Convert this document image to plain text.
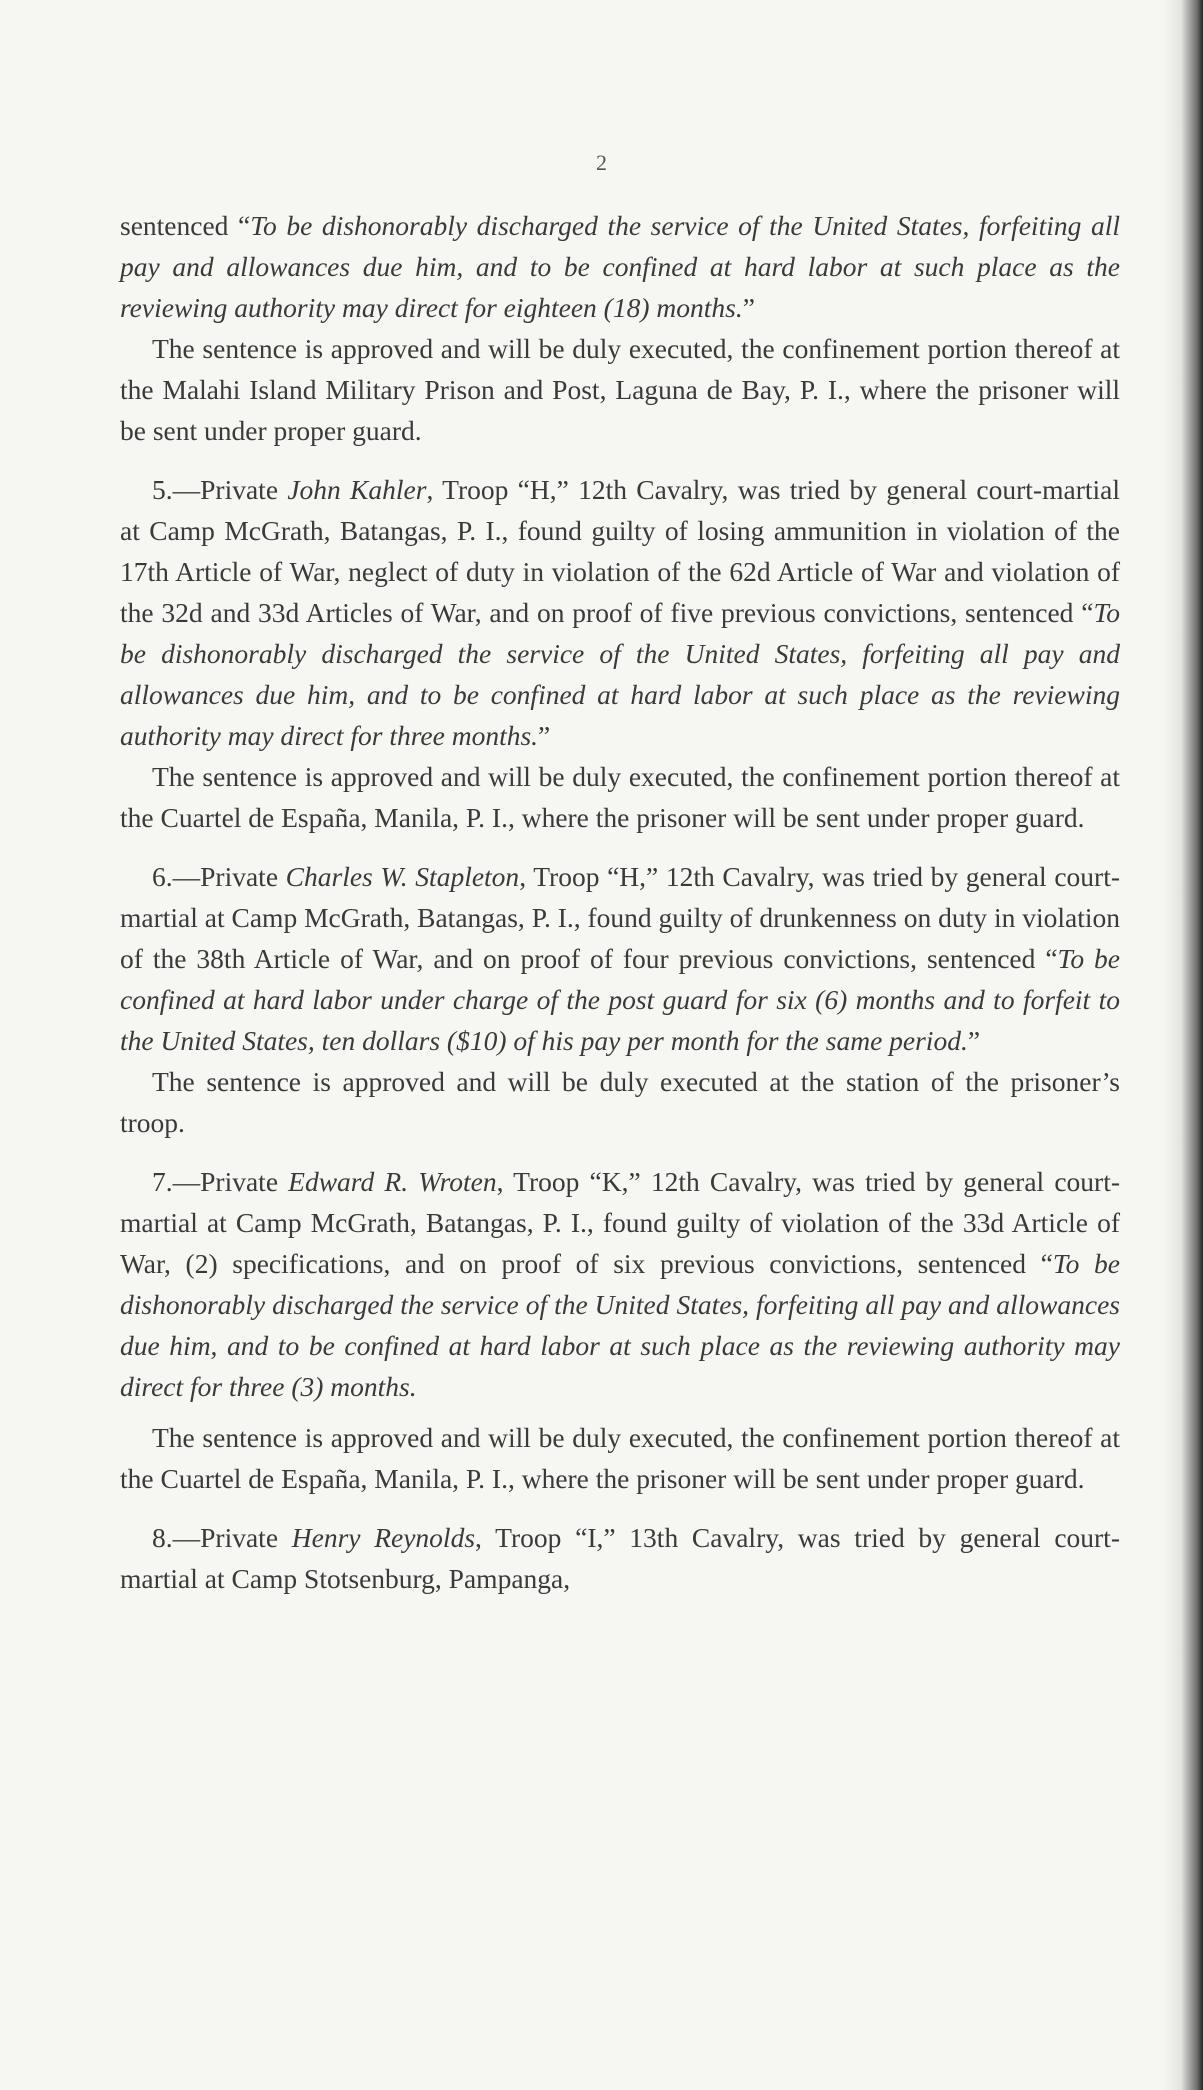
2

sentenced “To be dishonorably discharged the service of the United States, forfeiting all pay and allowances due him, and to be confined at hard labor at such place as the reviewing authority may direct for eighteen (18) months.”

The sentence is approved and will be duly executed, the confinement portion thereof at the Malahi Island Military Prison and Post, Laguna de Bay, P. I., where the prisoner will be sent under proper guard.

5.—Private John Kahler, Troop “H,” 12th Cavalry, was tried by general court-martial at Camp McGrath, Batangas, P. I., found guilty of losing ammunition in violation of the 17th Article of War, neglect of duty in violation of the 62d Article of War and violation of the 32d and 33d Articles of War, and on proof of five previous convictions, sentenced “To be dishonorably discharged the service of the United States, forfeiting all pay and allowances due him, and to be confined at hard labor at such place as the reviewing authority may direct for three months.”

The sentence is approved and will be duly executed, the confinement portion thereof at the Cuartel de España, Manila, P. I., where the prisoner will be sent under proper guard.

6.—Private Charles W. Stapleton, Troop “H,” 12th Cavalry, was tried by general court-martial at Camp McGrath, Batangas, P. I., found guilty of drunkenness on duty in violation of the 38th Article of War, and on proof of four previous convictions, sentenced “To be confined at hard labor under charge of the post guard for six (6) months and to forfeit to the United States, ten dollars ($10) of his pay per month for the same period.”

The sentence is approved and will be duly executed at the station of the prisoner’s troop.

7.—Private Edward R. Wroten, Troop “K,” 12th Cavalry, was tried by general court-martial at Camp McGrath, Batangas, P. I., found guilty of violation of the 33d Article of War, (2) specifications, and on proof of six previous convictions, sentenced “To be dishonorably discharged the service of the United States, forfeiting all pay and allowances due him, and to be confined at hard labor at such place as the reviewing authority may direct for three (3) months.

The sentence is approved and will be duly executed, the confinement portion thereof at the Cuartel de España, Manila, P. I., where the prisoner will be sent under proper guard.

8.—Private Henry Reynolds, Troop “I,” 13th Cavalry, was tried by general court-martial at Camp Stotsenburg, Pampanga,
